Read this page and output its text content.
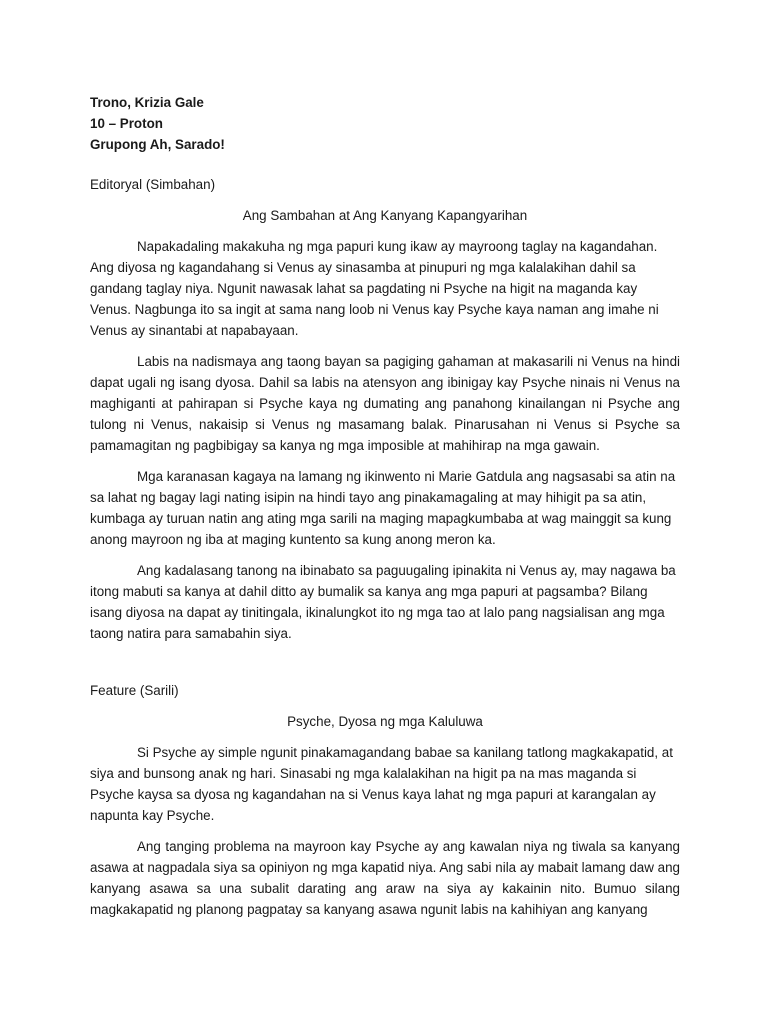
Trono, Krizia Gale
10 – Proton
Grupong Ah, Sarado!
Editoryal (Simbahan)
Ang Sambahan at Ang Kanyang Kapangyarihan

Napakadaling makakuha ng mga papuri kung ikaw ay mayroong taglay na kagandahan. Ang diyosa ng kagandahang si Venus ay sinasamba at pinupuri ng mga kalalakihan dahil sa gandang taglay niya. Ngunit nawasak lahat sa pagdating ni Psyche na higit na maganda kay Venus. Nagbunga ito sa ingit at sama nang loob ni Venus kay Psyche kaya naman ang imahe ni Venus ay sinantabi at napabayaan.

Labis na nadismaya ang taong bayan sa pagiging gahaman at makasarili ni Venus na hindi dapat ugali ng isang dyosa. Dahil sa labis na atensyon ang ibinigay kay Psyche ninais ni Venus na maghiganti at pahirapan si Psyche kaya ng dumating ang panahong kinailangan ni Psyche ang tulong ni Venus, nakaisip si Venus ng masamang balak. Pinarusahan ni Venus si Psyche sa pamamagitan ng pagbibigay sa kanya ng mga imposible at mahihirap na mga gawain.

Mga karanasan kagaya na lamang ng ikinwento ni Marie Gatdula ang nagsasabi sa atin na sa lahat ng bagay lagi nating isipin na hindi tayo ang pinakamagaling at may hihigit pa sa atin, kumbaga ay turuan natin ang ating mga sarili na maging mapagkumbaba at wag mainggit sa kung anong mayroon ng iba at maging kuntento sa kung anong meron ka.

Ang kadalasang tanong na ibinabato sa paguugaling ipinakita ni Venus ay, may nagawa ba itong mabuti sa kanya at dahil ditto ay bumalik sa kanya ang mga papuri at pagsamba? Bilang isang diyosa na dapat ay tinitingala, ikinalungkot ito ng mga tao at lalo pang nagsialisan ang mga taong natira para samabahin siya.

Feature (Sarili)
Psyche, Dyosa ng mga Kaluluwa

Si Psyche ay simple ngunit pinakamagandang babae sa kanilang tatlong magkakapatid, at siya and bunsong anak ng hari. Sinasabi ng mga kalalakihan na higit pa na mas maganda si Psyche kaysa sa dyosa ng kagandahan na si Venus kaya lahat ng mga papuri at karangalan ay napunta kay Psyche.

Ang tanging problema na mayroon kay Psyche ay ang kawalan niya ng tiwala sa kanyang asawa at nagpadala siya sa opiniyon ng mga kapatid niya. Ang sabi nila ay mabait lamang daw ang kanyang asawa sa una subalit darating ang araw na siya ay kakainin nito. Bumuo silang magkakapatid ng planong pagpatay sa kanyang asawa ngunit labis na kahihiyan ang kanyang
